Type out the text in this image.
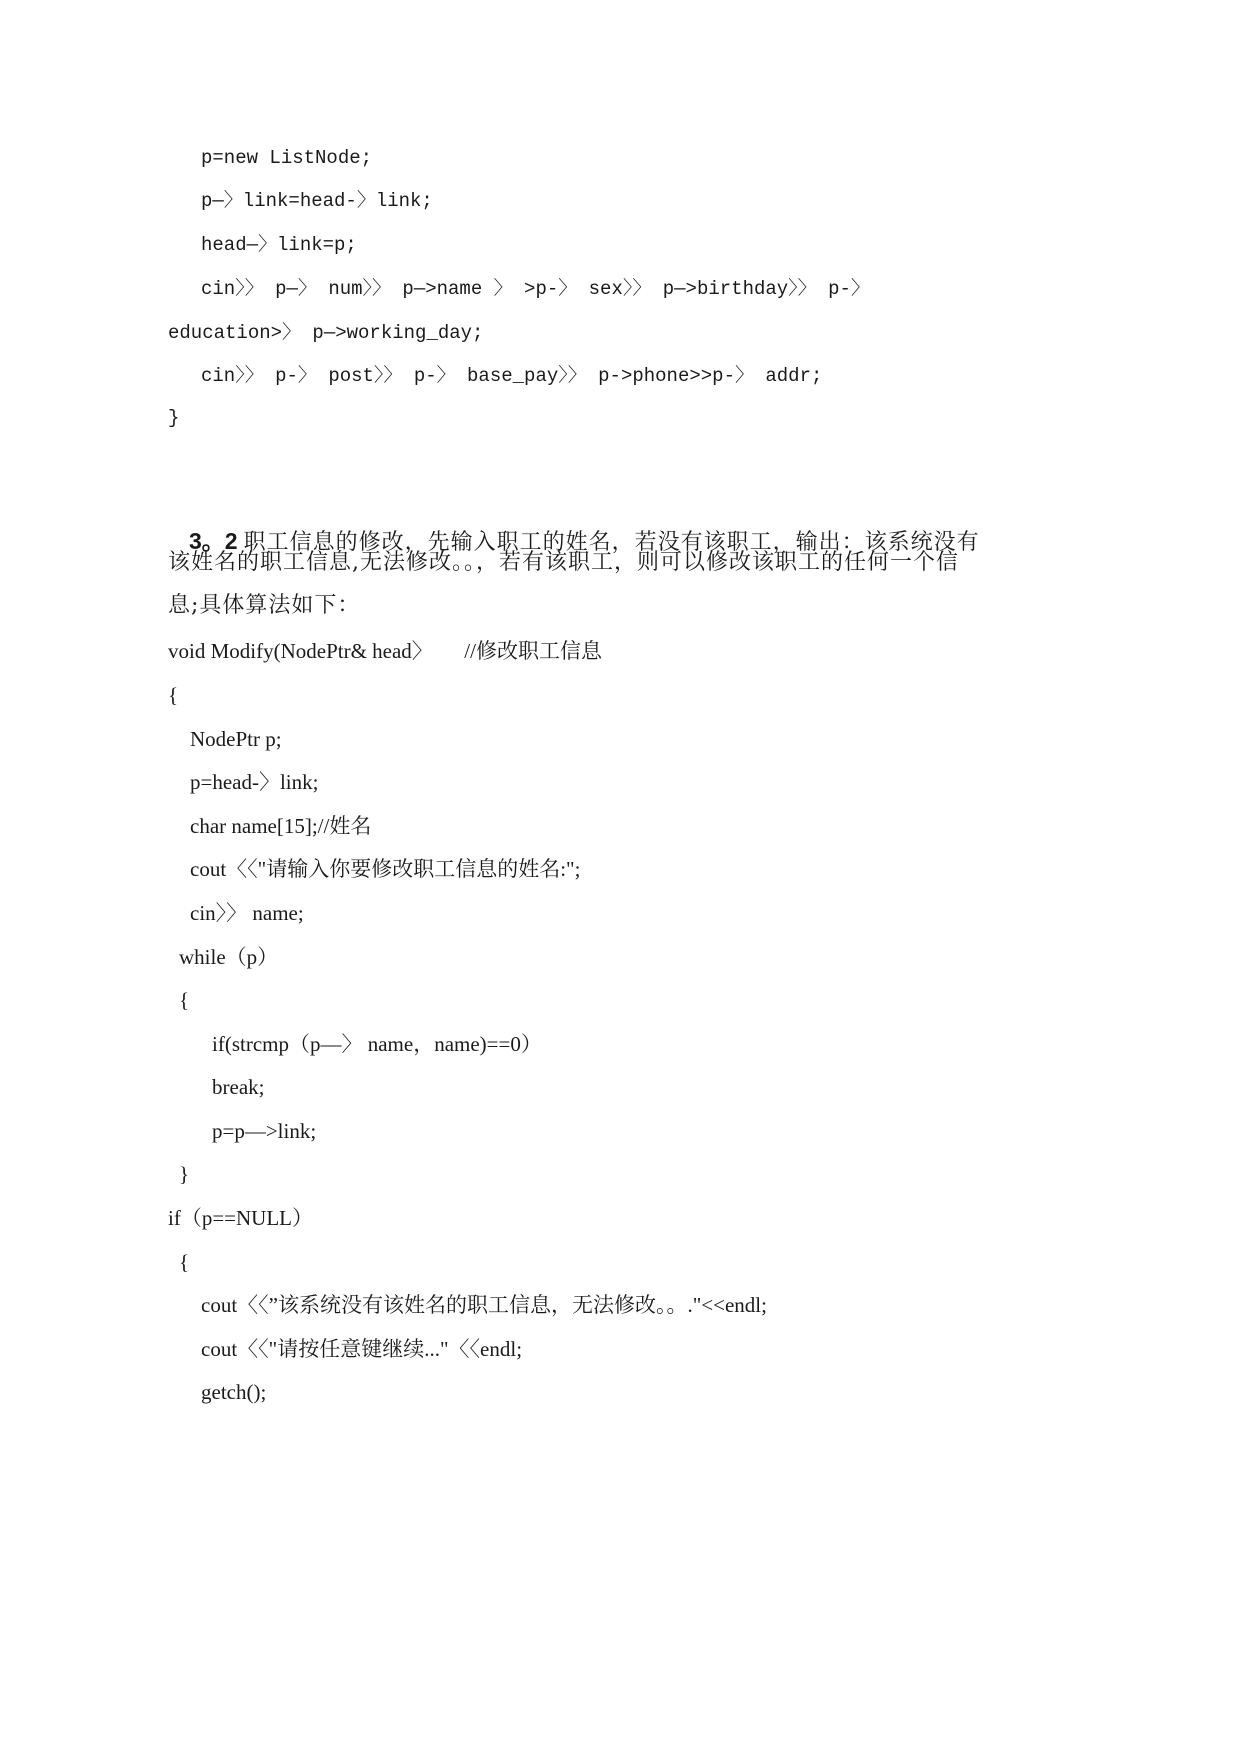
p=new ListNode;
p—〉link=head-〉link;
head—〉link=p;
cin〉〉 p—〉 num〉〉 p—>name 〉 >p-〉 sex〉〉 p—>birthday〉〉 p-〉
education>〉 p—>working_day;
cin〉〉 p-〉 post〉〉 p-〉 base_pay〉〉 p->phone>>p-〉 addr;
}

3。2 职工信息的修改，先输入职工的姓名，若没有该职工，输出：该系统没有

该姓名的职工信息,无法修改。。，若有该职工，则可以修改该职工的任何一个信
息;具体算法如下：
void Modify(NodePtr& head〉      //修改职工信息
{
NodePtr p;
p=head-〉link;
char name[15];//姓名
cout〈〈"请输入你要修改职工信息的姓名:";
cin〉〉 name;
while（p）
{
if(strcmp（p—〉 name，name)==0）
break;
p=p—>link;
}
if（p==NULL）
{
cout〈〈”该系统没有该姓名的职工信息，无法修改。。."<<endl;
cout〈〈"请按任意键继续..."〈〈endl;
getch();
